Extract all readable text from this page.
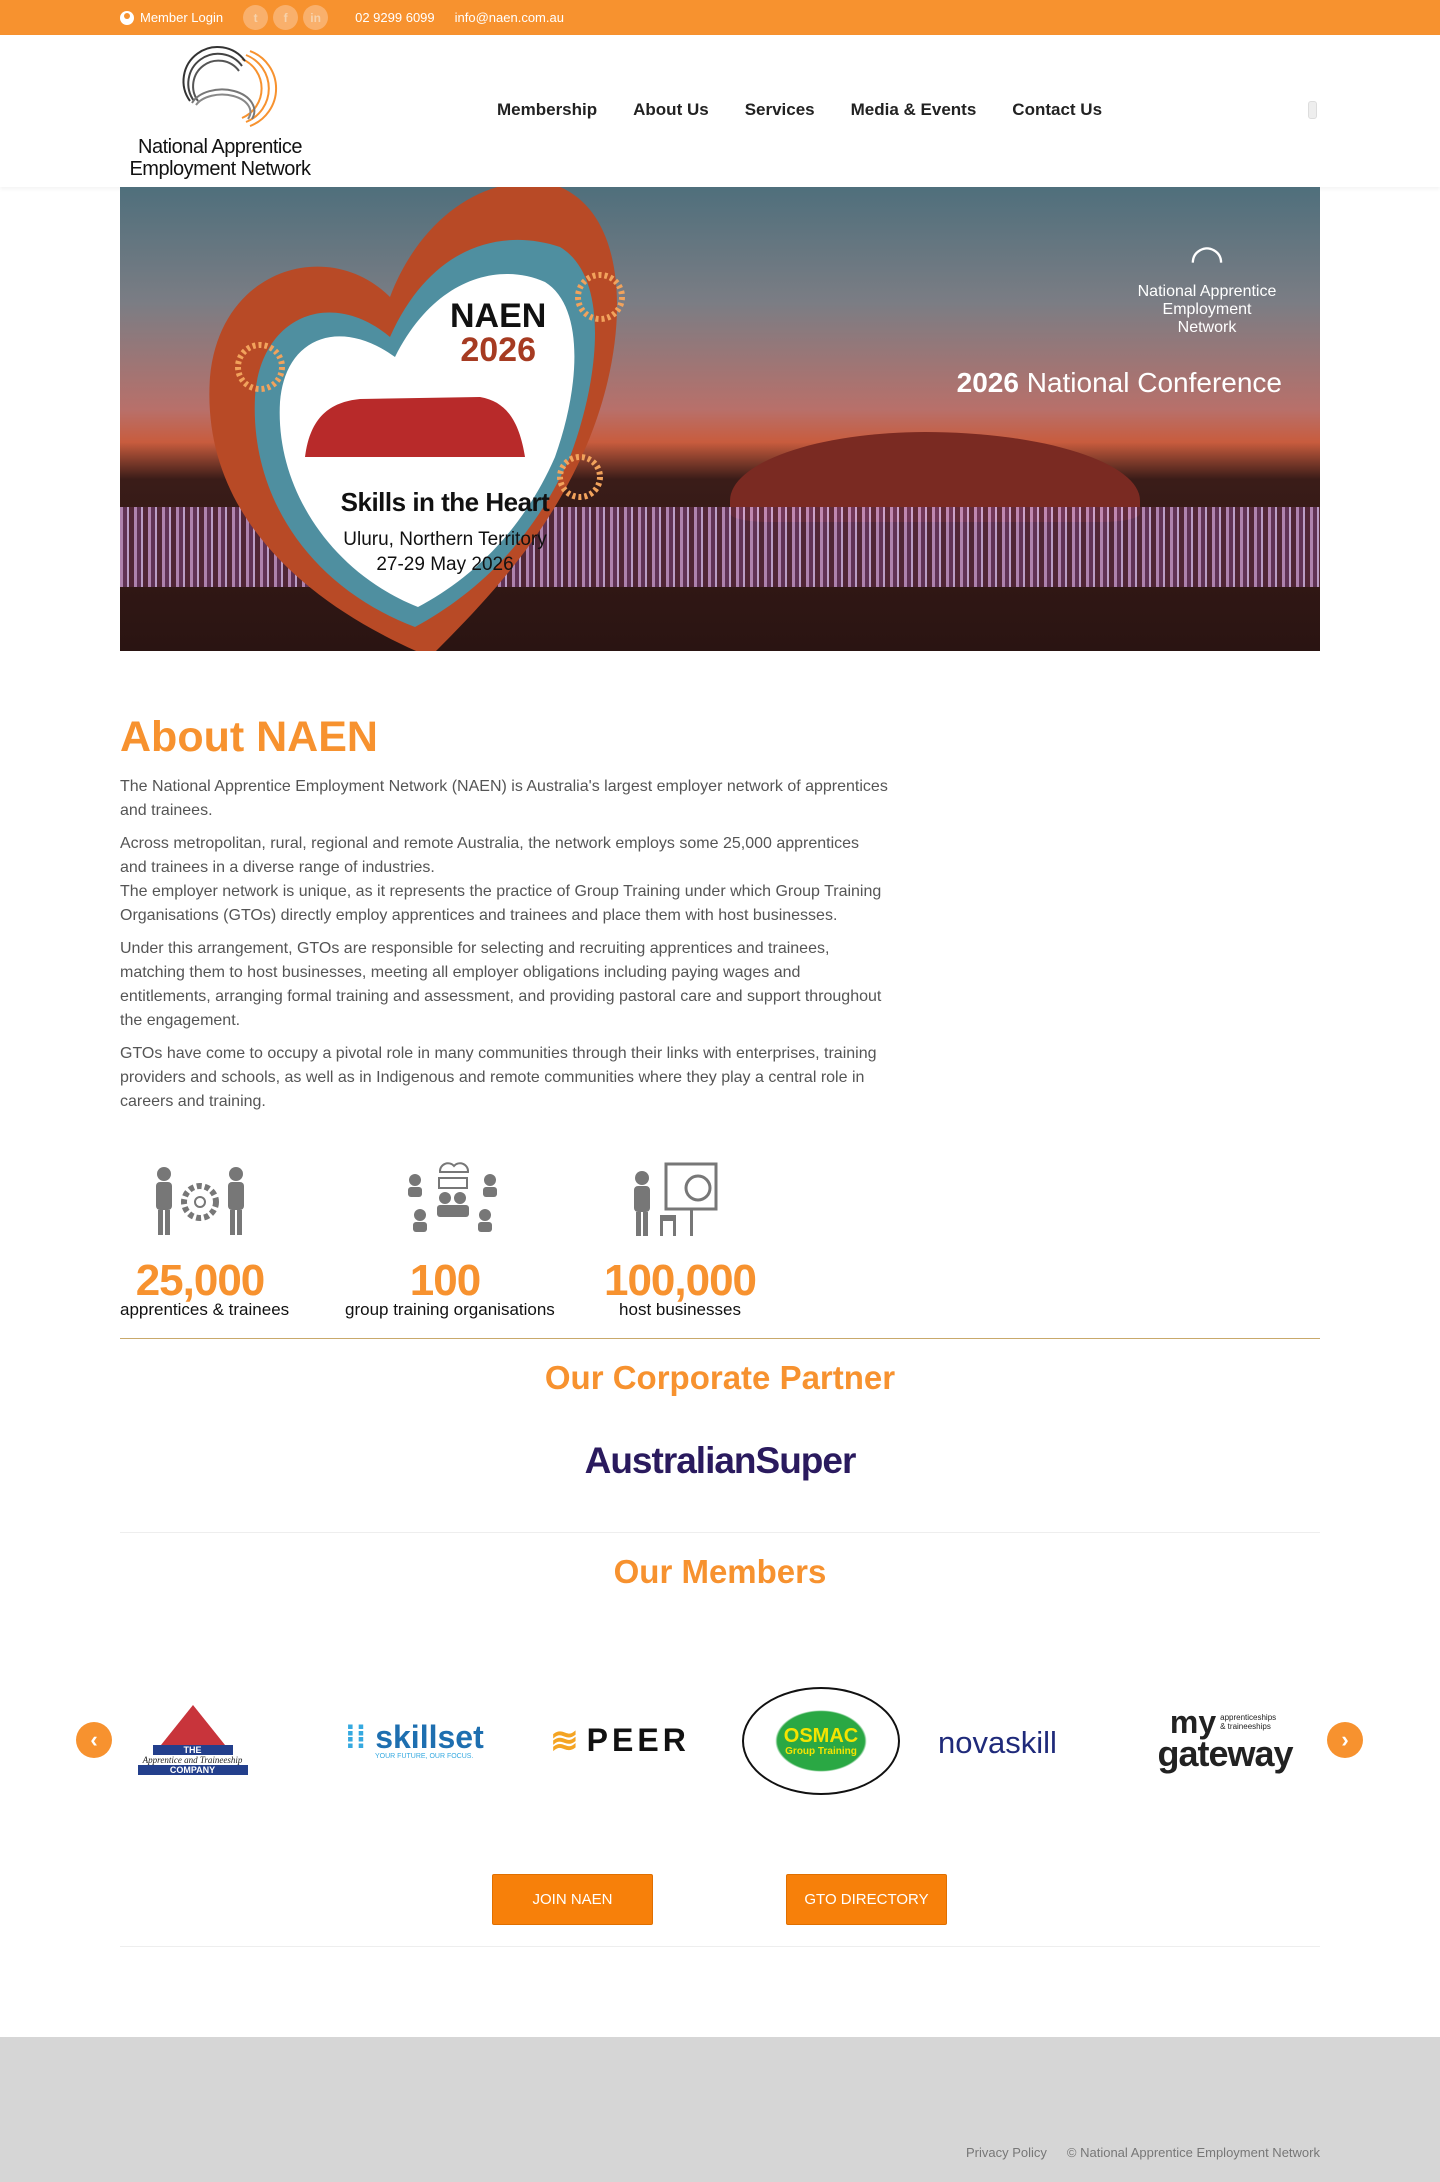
Member Login	t	f	in	02 9299 6099 info@naen.com.au
National Apprentice
Employment Network
Membership About Us Services Media & Events Contact Us
NAEN
2026
Skills in the Heart
Uluru, Northern Territory
27-29 May 2026
◠
National Apprentice
Employment Network
2026 National Conference
About NAEN

The National Apprentice Employment Network (NAEN) is Australia's largest employer network of apprentices and trainees.

Across metropolitan, rural, regional and remote Australia, the network employs some 25,000 apprentices and trainees in a diverse range of industries.

The employer network is unique, as it represents the practice of Group Training under which Group Training Organisations (GTOs) directly employ apprentices and trainees and place them with host businesses.

Under this arrangement, GTOs are responsible for selecting and recruiting apprentices and trainees, matching them to host businesses, meeting all employer obligations including paying wages and entitlements, arranging formal training and assessment, and providing pastoral care and support throughout the engagement.

GTOs have come to occupy a pivotal role in many communities through their links with enterprises, training providers and schools, as well as in Indigenous and remote communities where they play a central role in careers and training.

25,000
apprentices & trainees
100
group training organisations
100,000
host businesses
Our Corporate Partner
AustralianSuper
Our Members
‹	›
THE
Apprentice and Traineeship
COMPANY
⁞⁞ skillset
YOUR FUTURE, OUR FOCUS. ≋ PEER	OSMAC
Group Training	novaskill
my apprenticeships & traineeships
gateway
JOIN NAEN	GTO DIRECTORY
Privacy Policy © National Apprentice Employment Network
